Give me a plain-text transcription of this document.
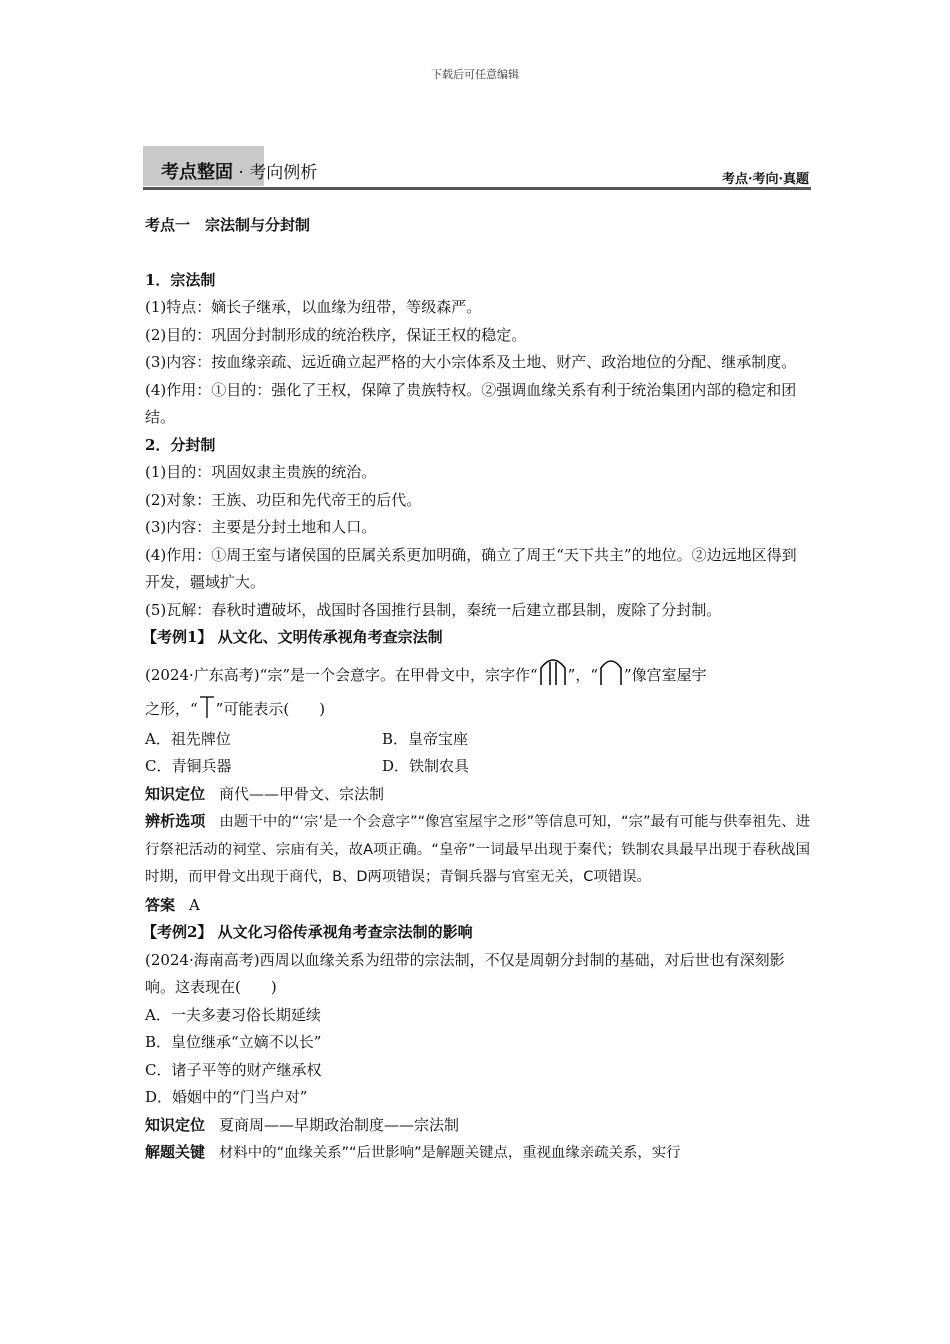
下载后可任意编辑
考点整固 · 考向例析	考点·考向·真题

考点一　宗法制与分封制

1．宗法制

(1)特点：嫡长子继承，以血缘为纽带，等级森严。

(2)目的：巩固分封制形成的统治秩序，保证王权的稳定。

(3)内容：按血缘亲疏、远近确立起严格的大小宗体系及土地、财产、政治地位的分配、继承制度。

(4)作用：①目的：强化了王权，保障了贵族特权。②强调血缘关系有利于统治集团内部的稳定和团结。

2．分封制

(1)目的：巩固奴隶主贵族的统治。

(2)对象：王族、功臣和先代帝王的后代。

(3)内容：主要是分封土地和人口。

(4)作用：①周王室与诸侯国的臣属关系更加明确，确立了周王“天下共主”的地位。②边远地区得到开发，疆域扩大。

(5)瓦解：春秋时遭破坏，战国时各国推行县制，秦统一后建立郡县制，废除了分封制。

【考例1】 从文化、文明传承视角考查宗法制

(2024·广东高考)“宗”是一个会意字。在甲骨文中，宗字作“ ”，“ ”像宫室屋宇
之形，“ ”可能表示(　　)

A．祖先牌位	B．皇帝宝座
C．青铜兵器	D．铁制农具

知识定位 商代——甲骨文、宗法制

辨析选项 由题干中的“‘宗’是一个会意字”“像宫室屋宇之形”等信息可知，“宗”最有可能与供奉祖先、进行祭祀活动的祠堂、宗庙有关，故A项正确。“皇帝”一词最早出现于秦代；铁制农具最早出现于春秋战国时期，而甲骨文出现于商代，B、D两项错误；青铜兵器与官室无关，C项错误。

答案 A

【考例2】 从文化习俗传承视角考查宗法制的影响

(2024·海南高考)西周以血缘关系为纽带的宗法制，不仅是周朝分封制的基础，对后世也有深刻影响。这表现在(　　)

A．一夫多妻习俗长期延续

B．皇位继承“立嫡不以长”

C．诸子平等的财产继承权

D．婚姻中的“门当户对”

知识定位 夏商周——早期政治制度——宗法制

解题关键 材料中的“血缘关系”“后世影响”是解题关键点，重视血缘亲疏关系，实行
